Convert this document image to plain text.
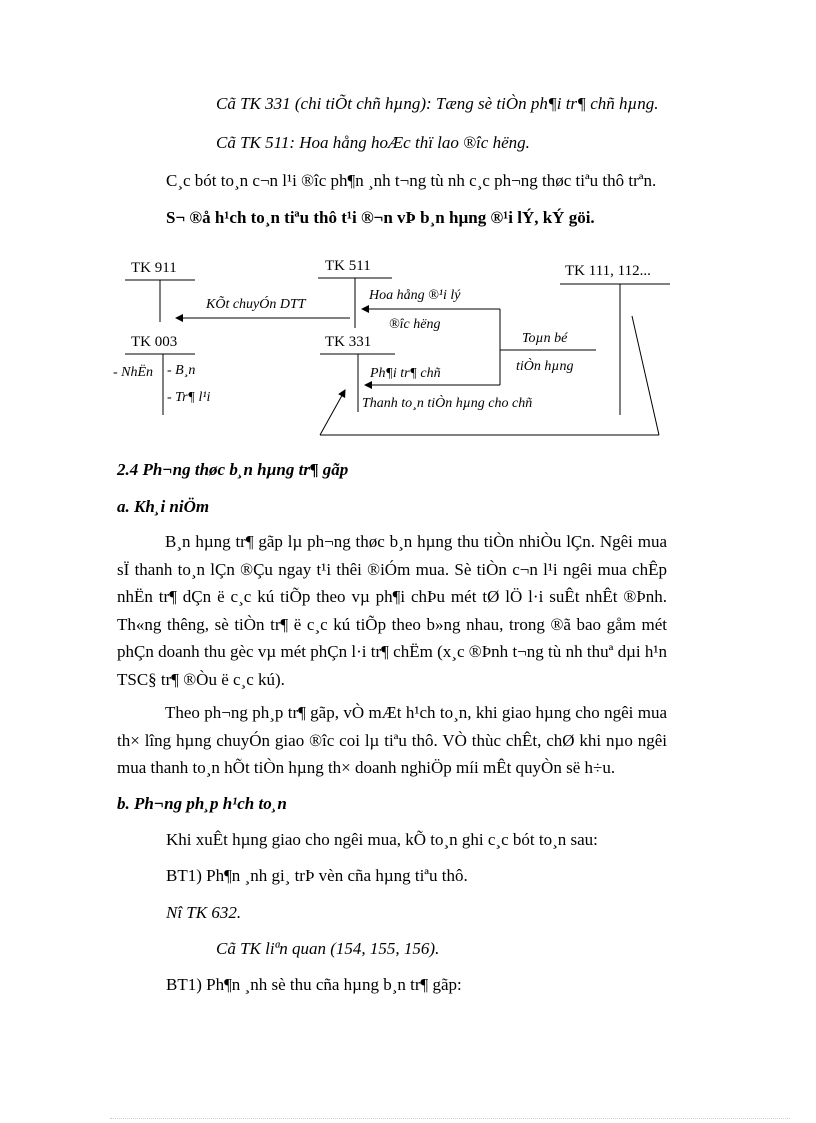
Cã TK 331 (chi tiÕt chñ hµng): Tæng sè tiÒn ph¶i tr¶ chñ hµng.
Cã TK 511: Hoa hång hoÆc thï lao ®îc hëng.
C¸c bót to¸n c¬n l¹i ®îc ph¶n ¸nh t¬ng tù nh c¸c ph¬ng thøc tiªu thô trªn.
S¬ ®å h¹ch to¸n tiªu thô t¹i ®¬n vÞ b¸n hµng ®¹i lÝ, kÝ göi.
TK 911	TK 511	TK 111, 112...
KÕt chuyÓn DTT
Hoa hång ®¹i lý
®îc hëng
Toµn bé
tiÒn hµng
TK 003
- NhËn - B¸n
- Tr¶ l¹i
TK 331
Ph¶i tr¶ chñ
Thanh to¸n tiÒn hµng cho chñ
2.4 Ph¬ng thøc b¸n hµng tr¶ gãp
a. Kh¸i niÖm

B¸n hµng tr¶ gãp lµ ph¬ng thøc b¸n hµng thu tiÒn nhiÒu lÇn. Ngêi mua sÏ thanh to¸n lÇn ®Çu ngay t¹i thêi ®iÓm mua. Sè tiÒn c¬n l¹i ngêi mua chÊp nhËn tr¶ dÇn ë c¸c kú tiÕp theo vµ ph¶i chÞu mét tØ lÖ l·i suÊt nhÊt ®Þnh. Th«ng thêng, sè tiÒn tr¶ ë c¸c kú tiÕp theo b»ng nhau, trong ®ã bao gåm mét phÇn doanh thu gèc vµ mét phÇn l·i tr¶ chËm (x¸c ®Þnh t¬ng tù nh thuª dµi h¹n TSC§ tr¶ ®Òu ë c¸c kú).

Theo ph¬ng ph¸p tr¶ gãp, vÒ mÆt h¹ch to¸n, khi giao hµng cho ngêi mua th× lîng hµng chuyÓn giao ®îc coi lµ tiªu thô. VÒ thùc chÊt, chØ khi nµo ngêi mua thanh to¸n hÕt tiÒn hµng th× doanh nghiÖp míi mÊt quyÒn së h÷u.

b. Ph¬ng ph¸p h¹ch to¸n
Khi xuÊt hµng giao cho ngêi mua, kÕ to¸n ghi c¸c bót to¸n sau:
BT1) Ph¶n ¸nh gi¸ trÞ vèn cña hµng tiªu thô.
Nî TK 632.
Cã TK liªn quan (154, 155, 156).
BT1) Ph¶n ¸nh sè thu cña hµng b¸n tr¶ gãp:
